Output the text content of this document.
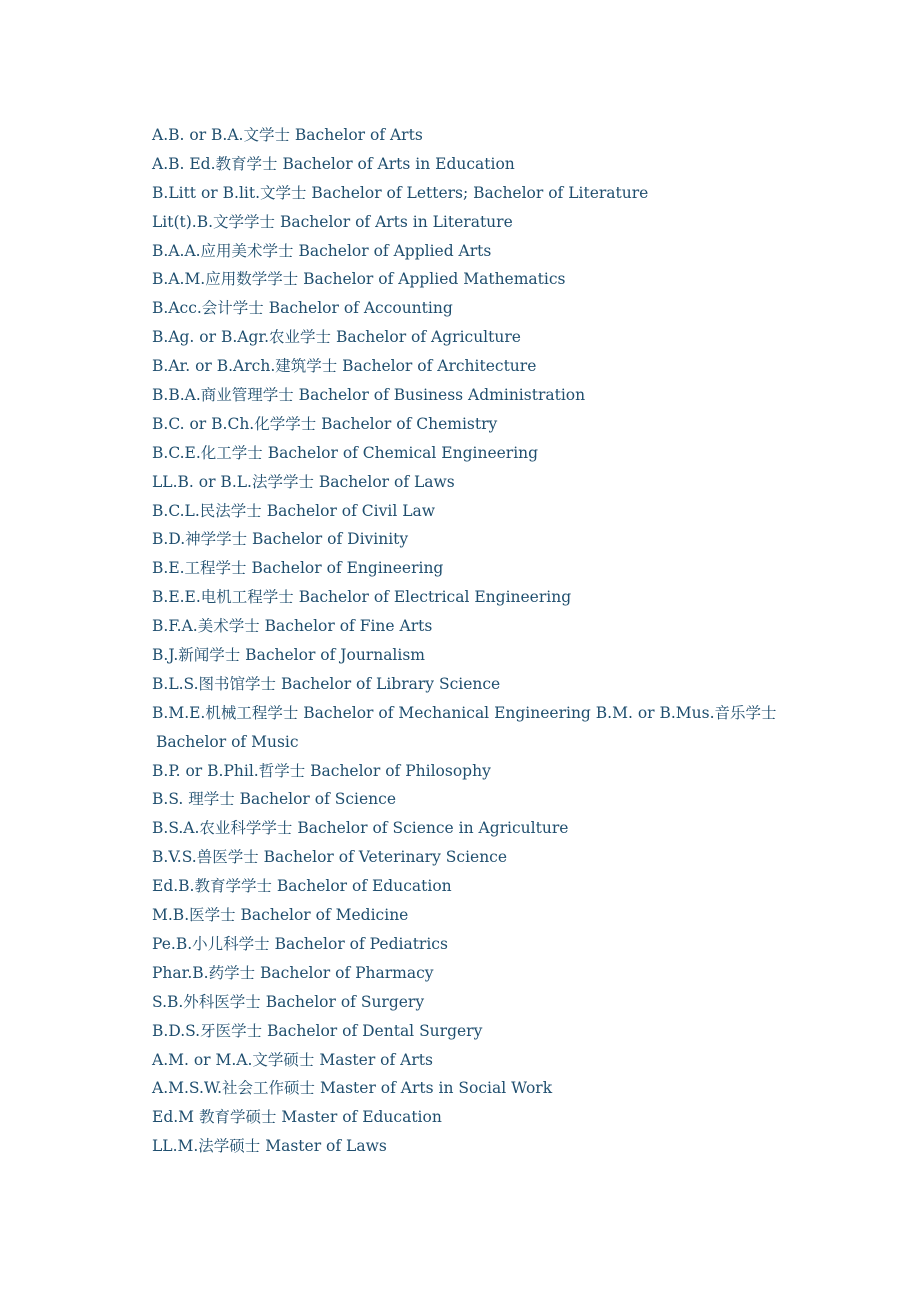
A.B. or B.A.文学士 Bachelor of Arts
A.B. Ed.教育学士 Bachelor of Arts in Education
B.Litt or B.lit.文学士 Bachelor of Letters; Bachelor of Literature
Lit(t).B.文学学士 Bachelor of Arts in Literature
B.A.A.应用美术学士 Bachelor of Applied Arts
B.A.M.应用数学学士 Bachelor of Applied Mathematics
B.Acc.会计学士 Bachelor of Accounting
B.Ag. or B.Agr.农业学士 Bachelor of Agriculture
B.Ar. or B.Arch.建筑学士 Bachelor of Architecture
B.B.A.商业管理学士 Bachelor of Business Administration
B.C. or B.Ch.化学学士 Bachelor of Chemistry
B.C.E.化工学士 Bachelor of Chemical Engineering
LL.B. or B.L.法学学士 Bachelor of Laws
B.C.L.民法学士 Bachelor of Civil Law
B.D.神学学士 Bachelor of Divinity
B.E.工程学士 Bachelor of Engineering
B.E.E.电机工程学士 Bachelor of Electrical Engineering
B.F.A.美术学士 Bachelor of Fine Arts
B.J.新闻学士 Bachelor of Journalism
B.L.S.图书馆学士 Bachelor of Library Science
B.M.E.机械工程学士 Bachelor of Mechanical Engineering B.M. or B.Mus.音乐学士
Bachelor of Music
B.P. or B.Phil.哲学士 Bachelor of Philosophy
B.S. 理学士 Bachelor of Science
B.S.A.农业科学学士 Bachelor of Science in Agriculture
B.V.S.兽医学士 Bachelor of Veterinary Science
Ed.B.教育学学士 Bachelor of Education
M.B.医学士 Bachelor of Medicine
Pe.B.小儿科学士 Bachelor of Pediatrics
Phar.B.药学士 Bachelor of Pharmacy
S.B.外科医学士 Bachelor of Surgery
B.D.S.牙医学士 Bachelor of Dental Surgery
A.M. or M.A.文学硕士 Master of Arts
A.M.S.W.社会工作硕士 Master of Arts in Social Work
Ed.M 教育学硕士 Master of Education
LL.M.法学硕士 Master of Laws
